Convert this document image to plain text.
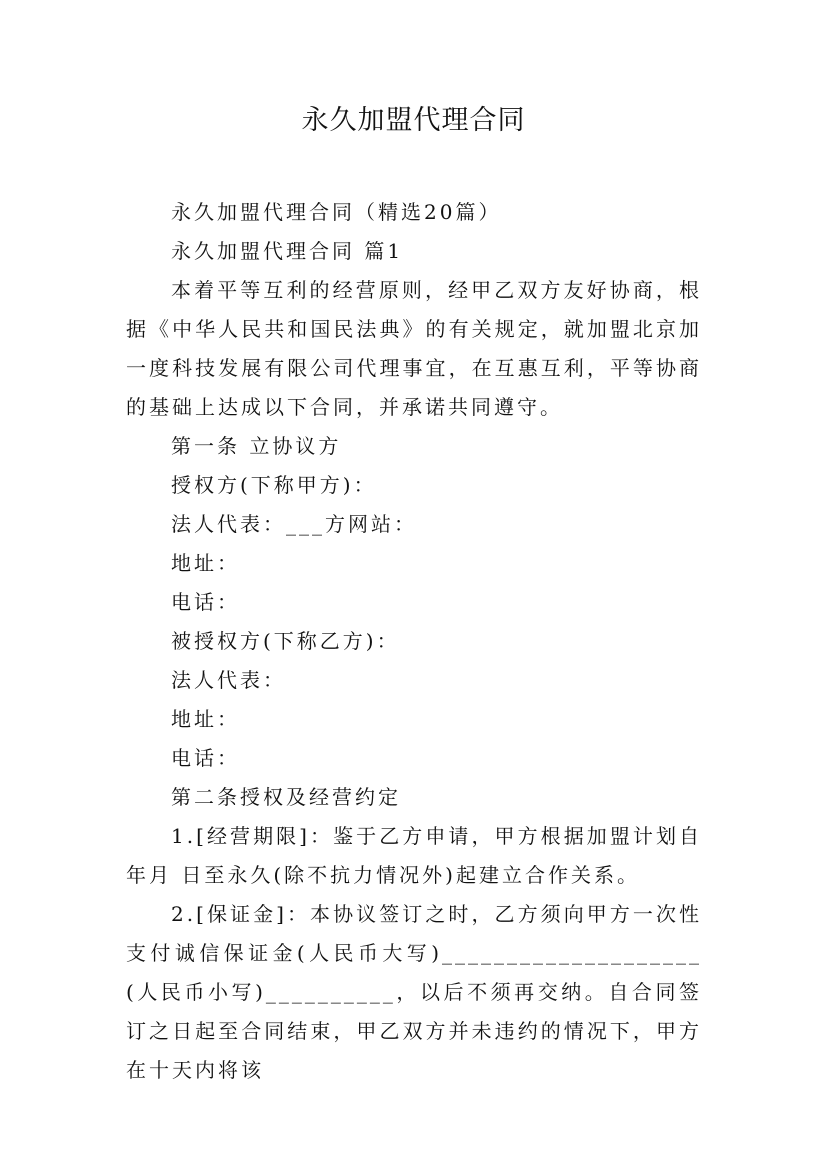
永久加盟代理合同

永久加盟代理合同（精选20篇）

永久加盟代理合同 篇1

本着平等互利的经营原则，经甲乙双方友好协商，根据《中华人民共和国民法典》的有关规定，就加盟北京加一度科技发展有限公司代理事宜，在互惠互利，平等协商的基础上达成以下合同，并承诺共同遵守。

第一条 立协议方

授权方(下称甲方)：

法人代表：___方网站：

地址：

电话：

被授权方(下称乙方)：

法人代表：

地址：

电话：

第二条授权及经营约定

1.[经营期限]：鉴于乙方申请，甲方根据加盟计划自年月 日至永久(除不抗力情况外)起建立合作关系。

2.[保证金]：本协议签订之时，乙方须向甲方一次性支付诚信保证金(人民币大写)____________________(人民币小写)__________，以后不须再交纳。自合同签订之日起至合同结束，甲乙双方并未违约的情况下，甲方在十天内将该
